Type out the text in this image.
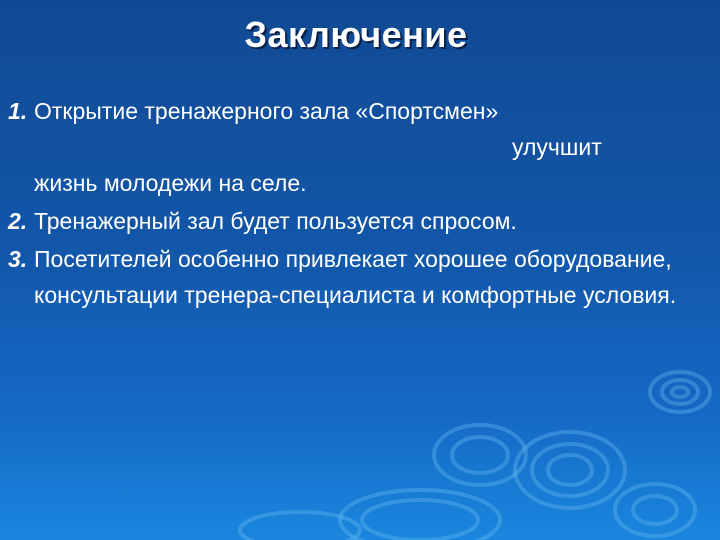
Заключение
1. Открытие тренажерного зала «Спортсмен»
улучшит
жизнь молодежи на селе.
2. Тренажерный зал будет пользуется спросом.
3. Посетителей особенно привлекает хорошее оборудование, консультации тренера-специалиста и комфортные условия.
